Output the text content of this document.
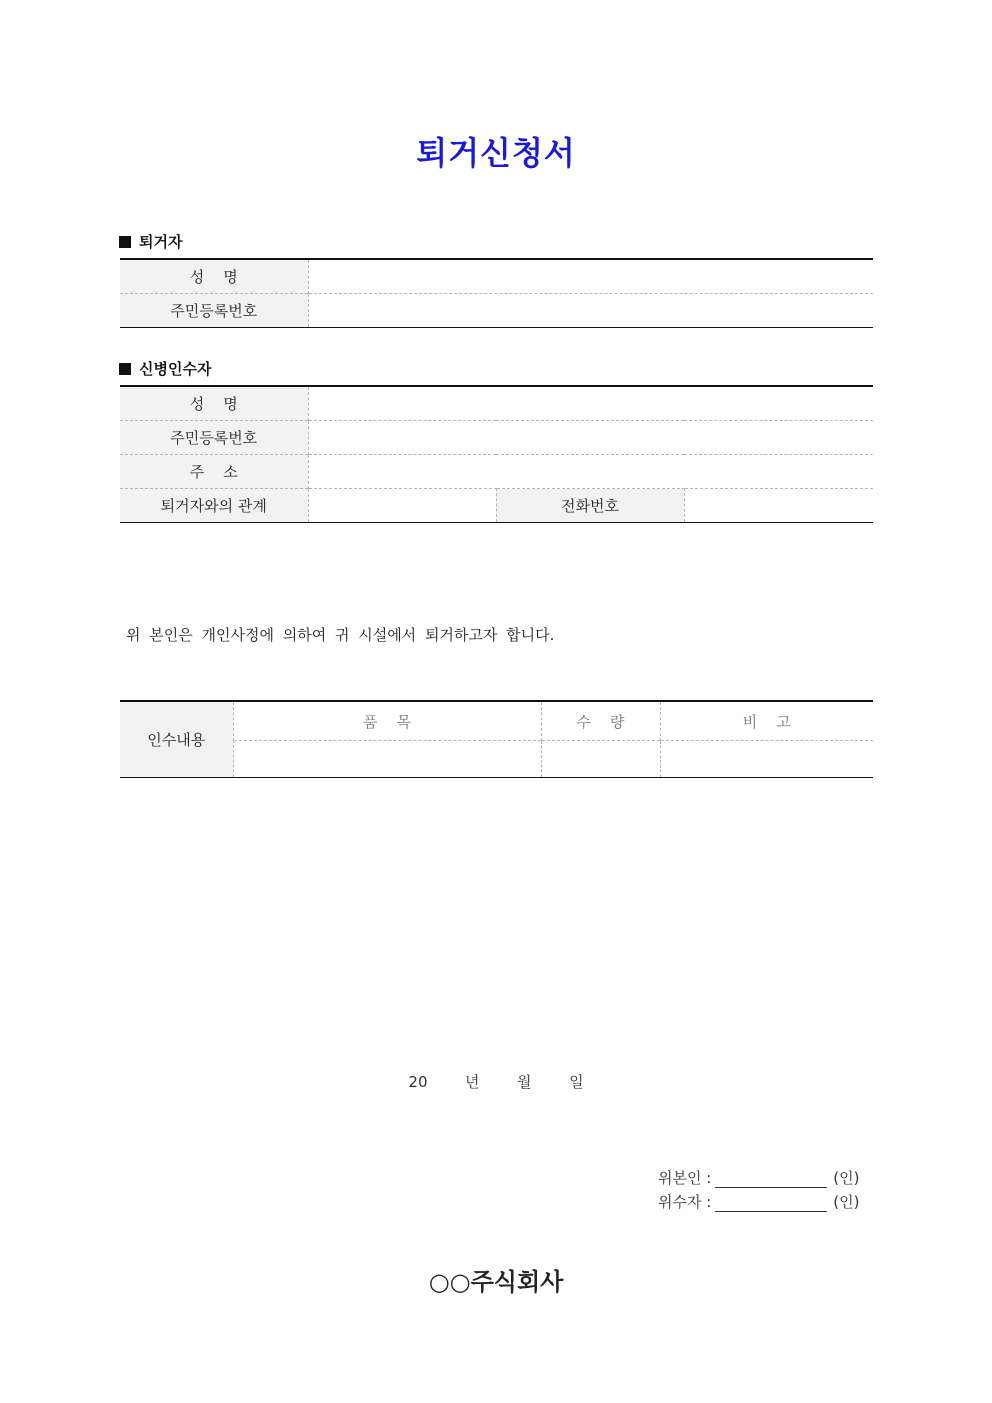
퇴거신청서
퇴거자
성    명	
주민등록번호	
신병인수자
성    명			
주민등록번호			
주    소			
퇴거자와의 관계		전화번호	
위 본인은 개인사정에 의하여 귀 시설에서 퇴거하고자 합니다.
인수내용	품    목	수    량	비    고

20  년  월  일
위본인 :	(인)
위수자 :	(인)
○○주식회사
